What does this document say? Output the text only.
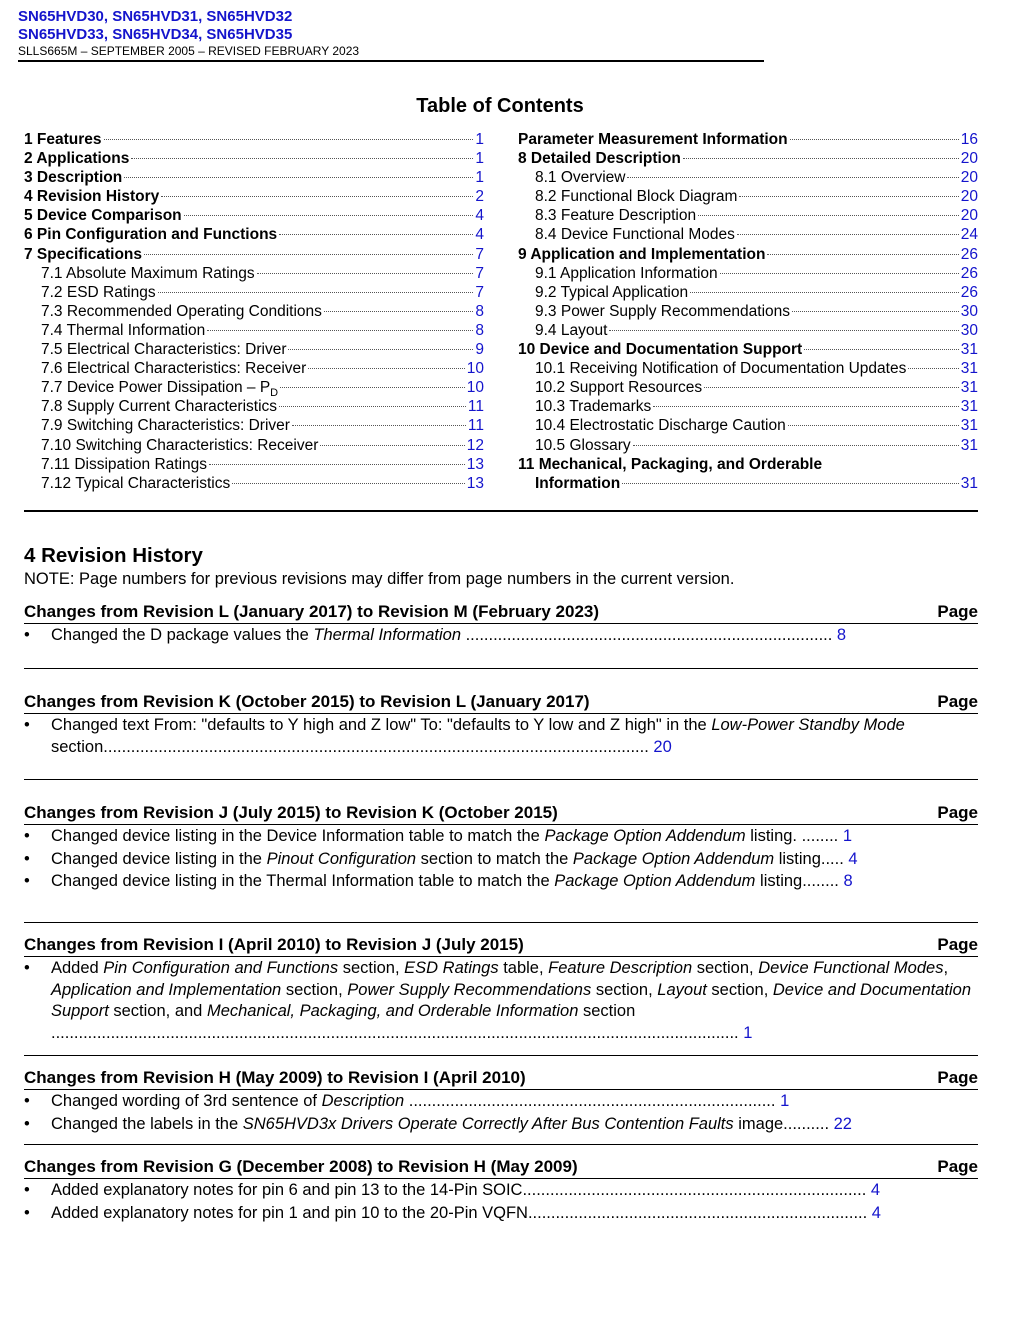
SN65HVD30, SN65HVD31, SN65HVD32
SN65HVD33, SN65HVD34, SN65HVD35
SLLS665M – SEPTEMBER 2005 – REVISED FEBRUARY 2023
Table of Contents
1 Features	1
2 Applications	1
3 Description	1
4 Revision History	2
5 Device Comparison	4
6 Pin Configuration and Functions	4
7 Specifications	7
7.1 Absolute Maximum Ratings	7
7.2 ESD Ratings	7
7.3 Recommended Operating Conditions	8
7.4 Thermal Information	8
7.5 Electrical Characteristics: Driver	9
7.6 Electrical Characteristics: Receiver	10
7.7 Device Power Dissipation – $P_D$	10
7.8 Supply Current Characteristics	11
7.9 Switching Characteristics: Driver	11
7.10 Switching Characteristics: Receiver	12
7.11 Dissipation Ratings	13
7.12 Typical Characteristics	13
Parameter Measurement Information	16
8 Detailed Description	20
8.1 Overview	20
8.2 Functional Block Diagram	20
8.3 Feature Description	20
8.4 Device Functional Modes	24
9 Application and Implementation	26
9.1 Application Information	26
9.2 Typical Application	26
9.3 Power Supply Recommendations	30
9.4 Layout	30
10 Device and Documentation Support	31
10.1 Receiving Notification of Documentation Updates	31
10.2 Support Resources	31
10.3 Trademarks	31
10.4 Electrostatic Discharge Caution	31
10.5 Glossary	31
11 Mechanical, Packaging, and Orderable
Information	31
4 Revision History
NOTE: Page numbers for previous revisions may differ from page numbers in the current version.
Changes from Revision L (January 2017) to Revision M (February 2023)	Page
•	Changed the D package values the Thermal Information ................................................................................ 8
Changes from Revision K (October 2015) to Revision L (January 2017)	Page
•	Changed text From: "defaults to Y high and Z low" To: "defaults to Y low and Z high" in the Low-Power Standby Mode section....................................................................................................................... 20
Changes from Revision J (July 2015) to Revision K (October 2015)	Page
•	Changed device listing in the Device Information table to match the Package Option Addendum listing. ........ 1
•	Changed device listing in the Pinout Configuration section to match the Package Option Addendum listing..... 4
•	Changed device listing in the Thermal Information table to match the Package Option Addendum listing........ 8
Changes from Revision I (April 2010) to Revision J (July 2015)	Page
•	Added Pin Configuration and Functions section, ESD Ratings table, Feature Description section, Device Functional Modes, Application and Implementation section, Power Supply Recommendations section, Layout section, Device and Documentation Support section, and Mechanical, Packaging, and Orderable Information section ...................................................................................................................................................... 1
Changes from Revision H (May 2009) to Revision I (April 2010)	Page
•	Changed wording of 3rd sentence of Description ................................................................................ 1
•	Changed the labels in the SN65HVD3x Drivers Operate Correctly After Bus Contention Faults image.......... 22
Changes from Revision G (December 2008) to Revision H (May 2009)	Page
•	Added explanatory notes for pin 6 and pin 13 to the 14-Pin SOIC........................................................................... 4
•	Added explanatory notes for pin 1 and pin 10 to the 20-Pin VQFN.......................................................................... 4
